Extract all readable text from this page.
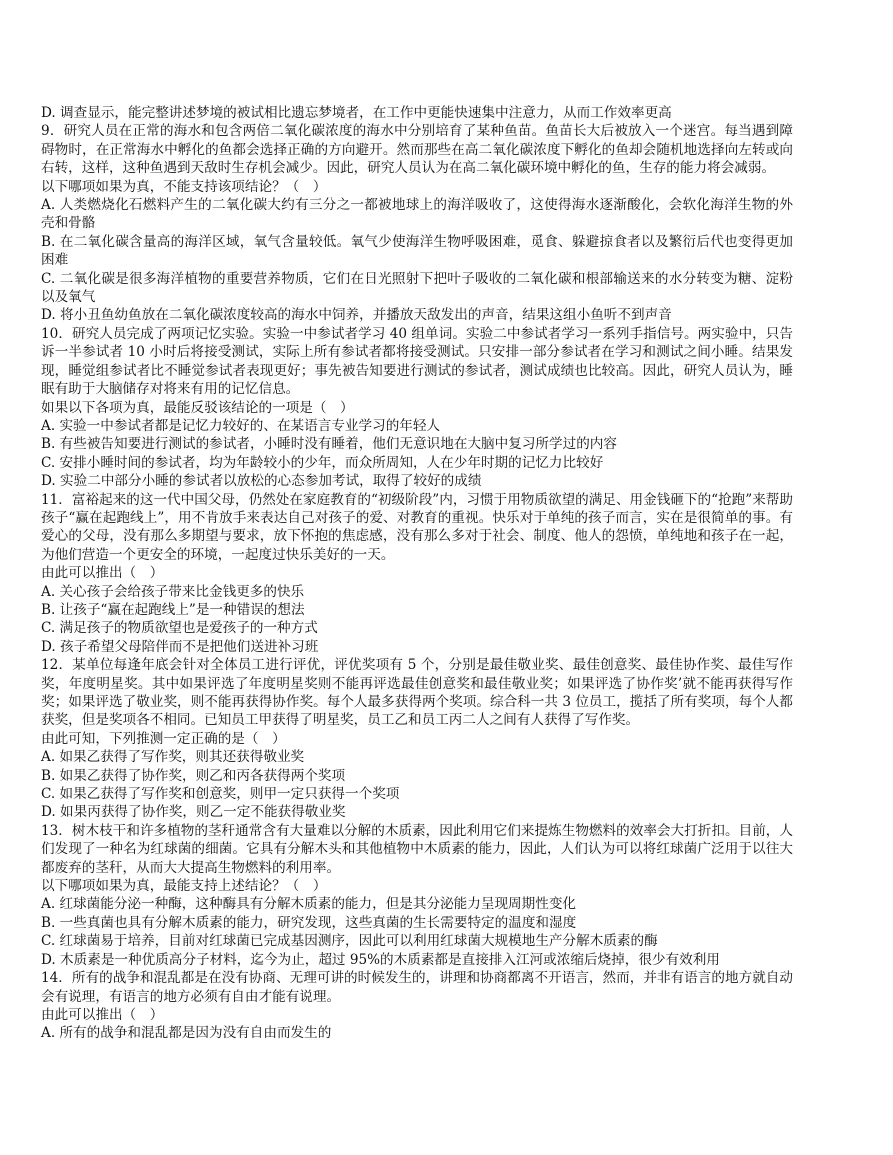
D. 调查显示，能完整讲述梦境的被试相比遗忘梦境者，在工作中更能快速集中注意力，从而工作效率更高

9．研究人员在正常的海水和包含两倍二氧化碳浓度的海水中分别培育了某种鱼苗。鱼苗长大后被放入一个迷宫。每当遇到障碍物时，在正常海水中孵化的鱼都会选择正确的方向避开。然而那些在高二氧化碳浓度下孵化的鱼却会随机地选择向左转或向右转，这样，这种鱼遇到天敌时生存机会减少。因此，研究人员认为在高二氧化碳环境中孵化的鱼，生存的能力将会减弱。

以下哪项如果为真，不能支持该项结论？（　）

A. 人类燃烧化石燃料产生的二氧化碳大约有三分之一都被地球上的海洋吸收了，这使得海水逐渐酸化，会软化海洋生物的外壳和骨骼

B. 在二氧化碳含量高的海洋区域，氧气含量较低。氧气少使海洋生物呼吸困难，觅食、躲避掠食者以及繁衍后代也变得更加困难

C. 二氧化碳是很多海洋植物的重要营养物质，它们在日光照射下把叶子吸收的二氧化碳和根部输送来的水分转变为糖、淀粉以及氧气

D. 将小丑鱼幼鱼放在二氧化碳浓度较高的海水中饲养，并播放天敌发出的声音，结果这组小鱼听不到声音

10．研究人员完成了两项记忆实验。实验一中参试者学习 40 组单词。实验二中参试者学习一系列手指信号。两实验中，只告诉一半参试者 10 小时后将接受测试，实际上所有参试者都将接受测试。只安排一部分参试者在学习和测试之间小睡。结果发现，睡觉组参试者比不睡觉参试者表现更好；事先被告知要进行测试的参试者，测试成绩也比较高。因此，研究人员认为，睡眠有助于大脑储存对将来有用的记忆信息。

如果以下各项为真，最能反驳该结论的一项是（　）

A. 实验一中参试者都是记忆力较好的、在某语言专业学习的年轻人

B. 有些被告知要进行测试的参试者，小睡时没有睡着，他们无意识地在大脑中复习所学过的内容

C. 安排小睡时间的参试者，均为年龄较小的少年，而众所周知，人在少年时期的记忆力比较好

D. 实验二中部分小睡的参试者以放松的心态参加考试，取得了较好的成绩

11．富裕起来的这一代中国父母，仍然处在家庭教育的“初级阶段”内，习惯于用物质欲望的满足、用金钱砸下的“抢跑”来帮助孩子“赢在起跑线上”，用不肯放手来表达自己对孩子的爱、对教育的重视。快乐对于单纯的孩子而言，实在是很简单的事。有爱心的父母，没有那么多期望与要求，放下怀抱的焦虑感，没有那么多对于社会、制度、他人的怨愤，单纯地和孩子在一起，为他们营造一个更安全的环境，一起度过快乐美好的一天。

由此可以推出（　）

A. 关心孩子会给孩子带来比金钱更多的快乐

B. 让孩子“赢在起跑线上”是一种错误的想法

C. 满足孩子的物质欲望也是爱孩子的一种方式

D. 孩子希望父母陪伴而不是把他们送进补习班

12．某单位每逢年底会针对全体员工进行评优，评优奖项有 5 个，分别是最佳敬业奖、最佳创意奖、最佳协作奖、最佳写作奖，年度明星奖。其中如果评选了年度明星奖则不能再评选最佳创意奖和最佳敬业奖；如果评选了协作奖’就不能再获得写作奖；如果评选了敬业奖，则不能再获得协作奖。每个人最多获得两个奖项。综合科一共 3 位员工，揽括了所有奖项，每个人都获奖，但是奖项各不相同。已知员工甲获得了明星奖，员工乙和员工丙二人之间有人获得了写作奖。

由此可知，下列推测一定正确的是（　）

A. 如果乙获得了写作奖，则其还获得敬业奖

B. 如果乙获得了协作奖，则乙和丙各获得两个奖项

C. 如果乙获得了写作奖和创意奖，则甲一定只获得一个奖项

D. 如果丙获得了协作奖，则乙一定不能获得敬业奖

13．树木枝干和许多植物的茎秆通常含有大量难以分解的木质素，因此利用它们来提炼生物燃料的效率会大打折扣。目前，人们发现了一种名为红球菌的细菌。它具有分解木头和其他植物中木质素的能力，因此，人们认为可以将红球菌广泛用于以往大都废弃的茎秆，从而大大提高生物燃料的利用率。

以下哪项如果为真，最能支持上述结论？（　）

A. 红球菌能分泌一种酶，这种酶具有分解木质素的能力，但是其分泌能力呈现周期性变化

B. 一些真菌也具有分解木质素的能力，研究发现，这些真菌的生长需要特定的温度和湿度

C. 红球菌易于培养，目前对红球菌已完成基因测序，因此可以利用红球菌大规模地生产分解木质素的酶

D. 木质素是一种优质高分子材料，迄今为止，超过 95%的木质素都是直接排入江河或浓缩后烧掉，很少有效利用

14．所有的战争和混乱都是在没有协商、无理可讲的时候发生的，讲理和协商都离不开语言，然而，并非有语言的地方就自动会有说理，有语言的地方必须有自由才能有说理。

由此可以推出（　）

A. 所有的战争和混乱都是因为没有自由而发生的
